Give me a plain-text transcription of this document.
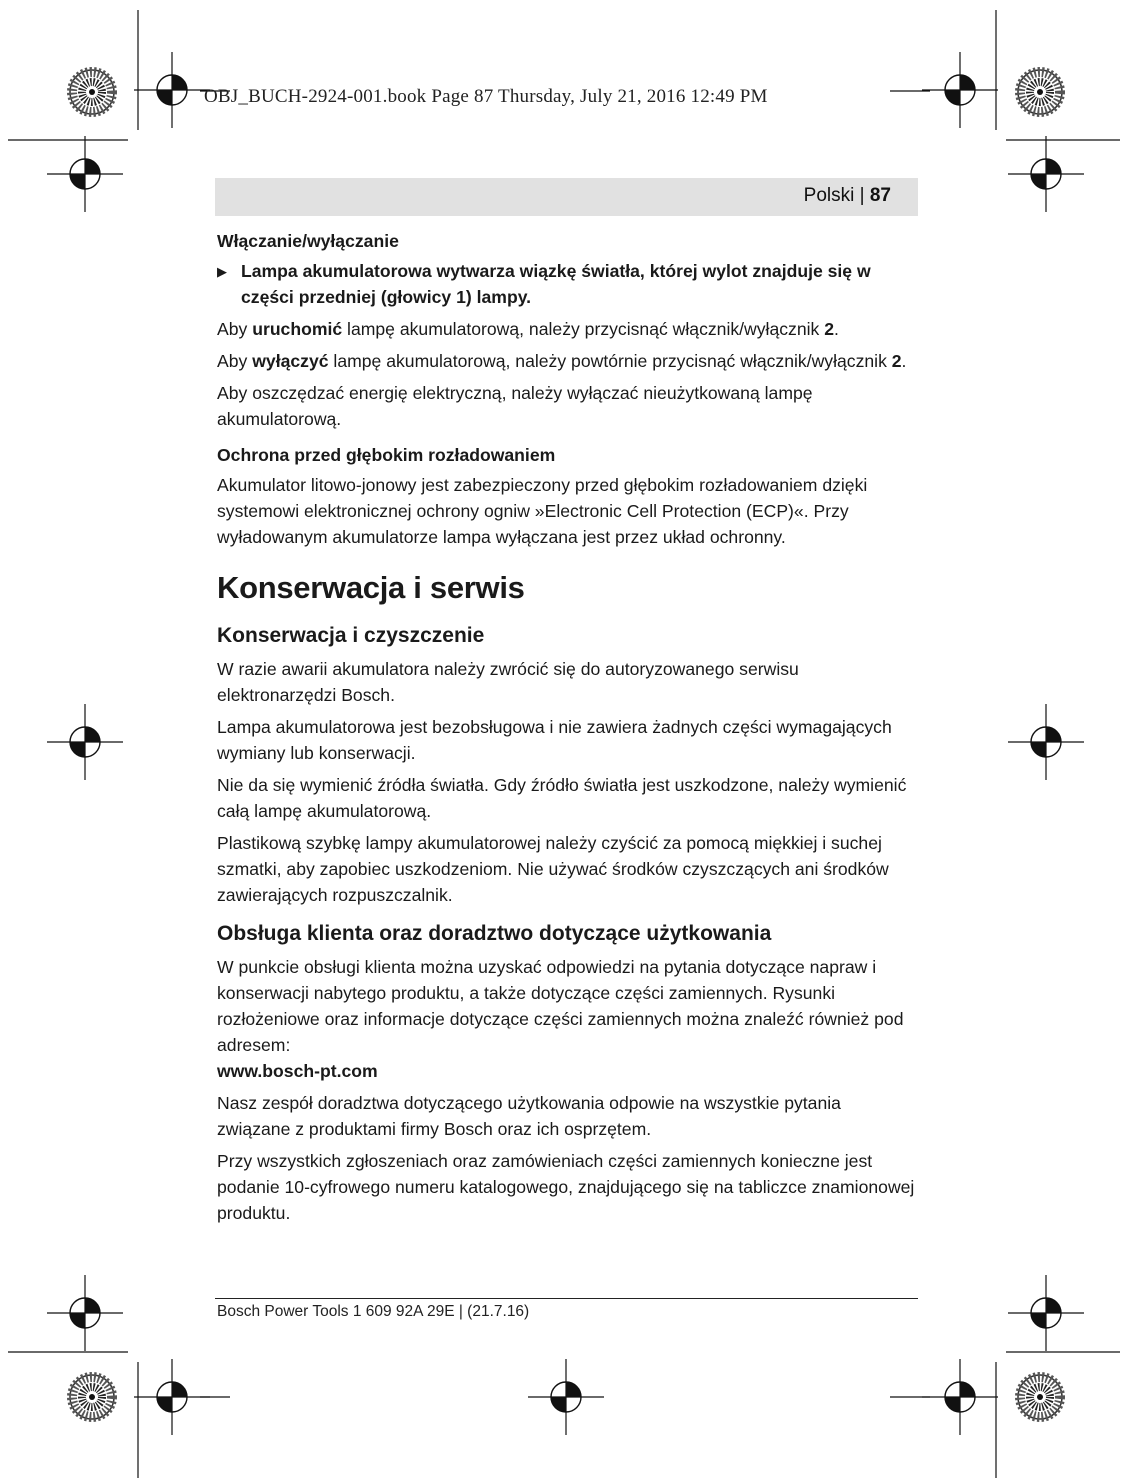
OBJ_BUCH-2924-001.book Page 87 Thursday, July 21, 2016 12:49 PM
Polski | 87
Włączanie/wyłączanie
▶ Lampa akumulatorowa wytwarza wiązkę światła, której wylot znajduje się w części przedniej (głowicy 1) lampy.

Aby uruchomić lampę akumulatorową, należy przycisnąć włącznik/wyłącznik 2.

Aby wyłączyć lampę akumulatorową, należy powtórnie przycisnąć włącznik/wyłącznik 2.

Aby oszczędzać energię elektryczną, należy wyłączać nieużytkowaną lampę akumulatorową.

Ochrona przed głębokim rozładowaniem

Akumulator litowo-jonowy jest zabezpieczony przed głębokim rozładowaniem dzięki systemowi elektronicznej ochrony ogniw »Electronic Cell Protection (ECP)«. Przy wyładowanym akumulatorze lampa wyłączana jest przez układ ochronny.

Konserwacja i serwis
Konserwacja i czyszczenie

W razie awarii akumulatora należy zwrócić się do autoryzowanego serwisu elektronarzędzi Bosch.

Lampa akumulatorowa jest bezobsługowa i nie zawiera żadnych części wymagających wymiany lub konserwacji.

Nie da się wymienić źródła światła. Gdy źródło światła jest uszkodzone, należy wymienić całą lampę akumulatorową.

Plastikową szybkę lampy akumulatorowej należy czyścić za pomocą miękkiej i suchej szmatki, aby zapobiec uszkodzeniom. Nie używać środków czyszczących ani środków zawierających rozpuszczalnik.

Obsługa klienta oraz doradztwo dotyczące użytkowania

W punkcie obsługi klienta można uzyskać odpowiedzi na pytania dotyczące napraw i konserwacji nabytego produktu, a także dotyczące części zamiennych. Rysunki rozłożeniowe oraz informacje dotyczące części zamiennych można znaleźć również pod adresem:

www.bosch-pt.com

Nasz zespół doradztwa dotyczącego użytkowania odpowie na wszystkie pytania związane z produktami firmy Bosch oraz ich osprzętem.

Przy wszystkich zgłoszeniach oraz zamówieniach części zamiennych konieczne jest podanie 10-cyfrowego numeru katalogowego, znajdującego się na tabliczce znamionowej produktu.

Bosch Power Tools 1 609 92A 29E | (21.7.16)
